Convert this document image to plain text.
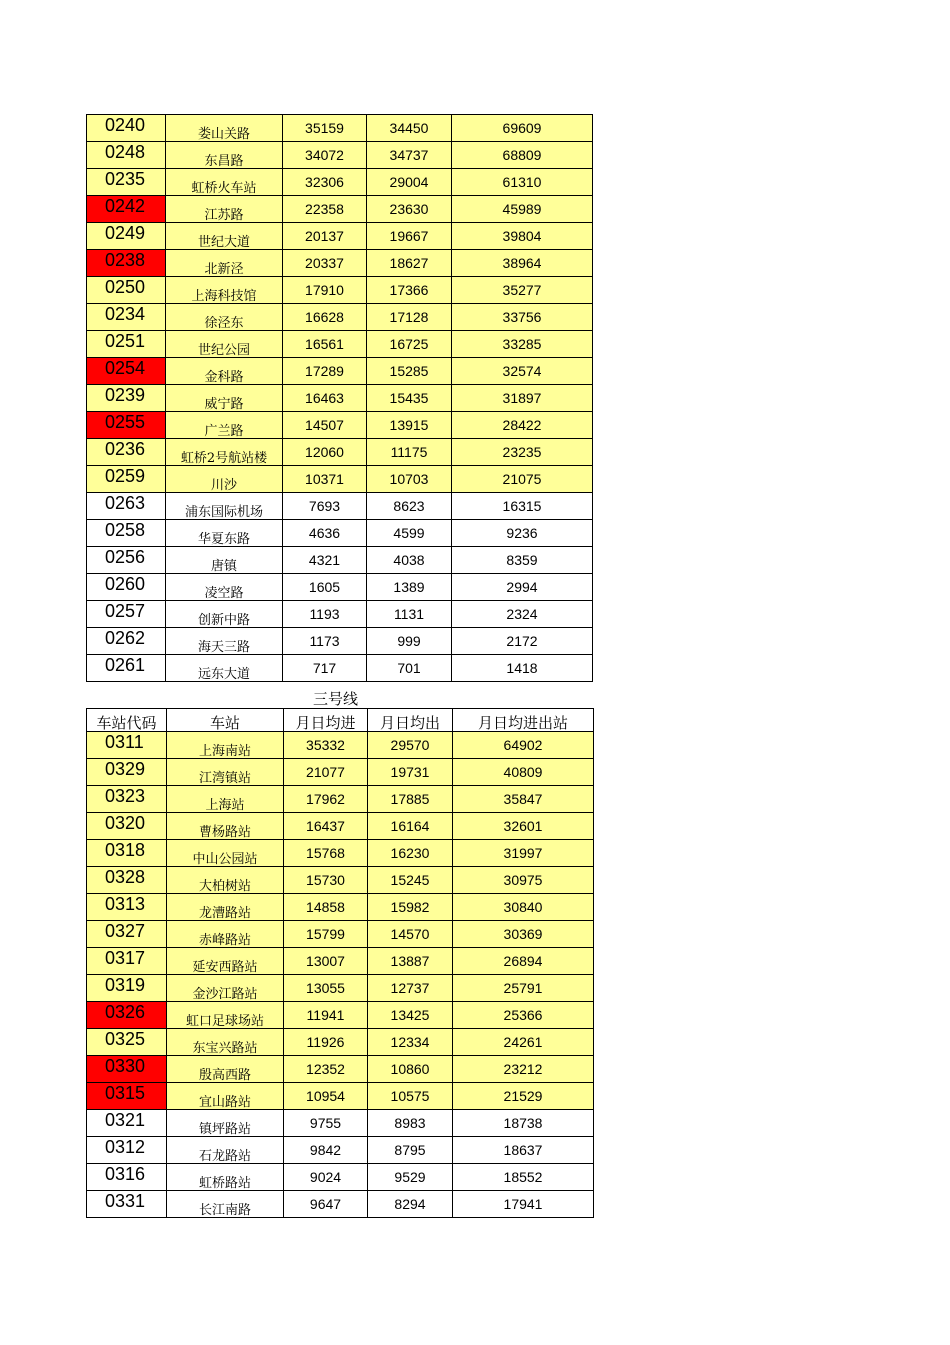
0240	娄山关路	35159	34450	69609
0248	东昌路	34072	34737	68809
0235	虹桥火车站	32306	29004	61310
0242	江苏路	22358	23630	45989
0249	世纪大道	20137	19667	39804
0238	北新泾	20337	18627	38964
0250	上海科技馆	17910	17366	35277
0234	徐泾东	16628	17128	33756
0251	世纪公园	16561	16725	33285
0254	金科路	17289	15285	32574
0239	威宁路	16463	15435	31897
0255	广兰路	14507	13915	28422
0236	虹桥2号航站楼	12060	11175	23235
0259	川沙	10371	10703	21075
0263	浦东国际机场	7693	8623	16315
0258	华夏东路	4636	4599	9236
0256	唐镇	4321	4038	8359
0260	凌空路	1605	1389	2994
0257	创新中路	1193	1131	2324
0262	海天三路	1173	999	2172
0261	远东大道	717	701	1418
三号线
车站代码	车站	月日均进	月日均出	月日均进出站
0311	上海南站	35332	29570	64902
0329	江湾镇站	21077	19731	40809
0323	上海站	17962	17885	35847
0320	曹杨路站	16437	16164	32601
0318	中山公园站	15768	16230	31997
0328	大柏树站	15730	15245	30975
0313	龙漕路站	14858	15982	30840
0327	赤峰路站	15799	14570	30369
0317	延安西路站	13007	13887	26894
0319	金沙江路站	13055	12737	25791
0326	虹口足球场站	11941	13425	25366
0325	东宝兴路站	11926	12334	24261
0330	殷高西路	12352	10860	23212
0315	宜山路站	10954	10575	21529
0321	镇坪路站	9755	8983	18738
0312	石龙路站	9842	8795	18637
0316	虹桥路站	9024	9529	18552
0331	长江南路	9647	8294	17941
